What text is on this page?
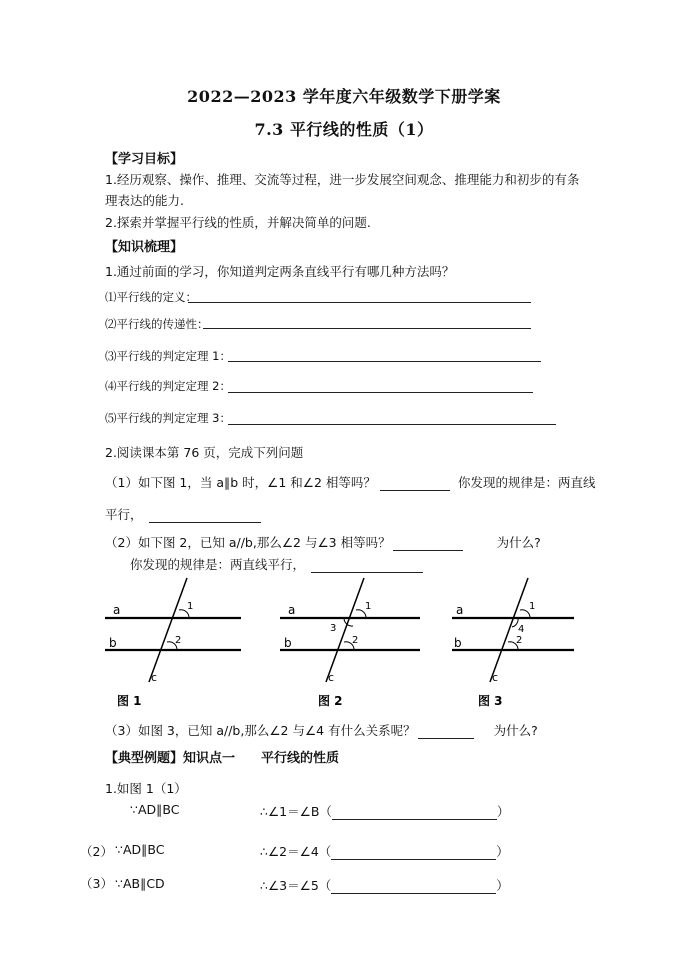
2022—2023 学年度六年级数学下册学案
7.3 平行线的性质（1）
【学习目标】
1.经历观察、操作、推理、交流等过程，进一步发展空间观念、推理能力和初步的有条
理表达的能力.
2.探索并掌握平行线的性质，并解决简单的问题.
【知识梳理】
1.通过前面的学习，你知道判定两条直线平行有哪几种方法吗？
⑴平行线的定义：
⑵平行线的传递性：
⑶平行线的判定定理 1：
⑷平行线的判定定理 2：
⑸平行线的判定定理 3：
2.阅读课本第 76 页，完成下列问题
（1）如下图 1，当 a∥b 时，∠1 和∠2 相等吗？	你发现的规律是：两直线
平行，
（2）如下图 2，已知 a//b,那么∠2 与∠3 相等吗？	为什么?
你发现的规律是：两直线平行，
a
b
c
1
2
图 1
a
b
c
1
3
2
图 2
a
b
c
1
4
2
图 3
（3）如图 3，已知 a//b,那么∠2 与∠4 有什么关系呢？	为什么?
【典型例题】知识点一 平行线的性质
1.如图 1（1）
∵AD∥BC	∴∠1＝∠B（	）
（2） ∵AD∥BC	∴∠2＝∠4（	）
（3） ∵AB∥CD	∴∠3＝∠5（	）
